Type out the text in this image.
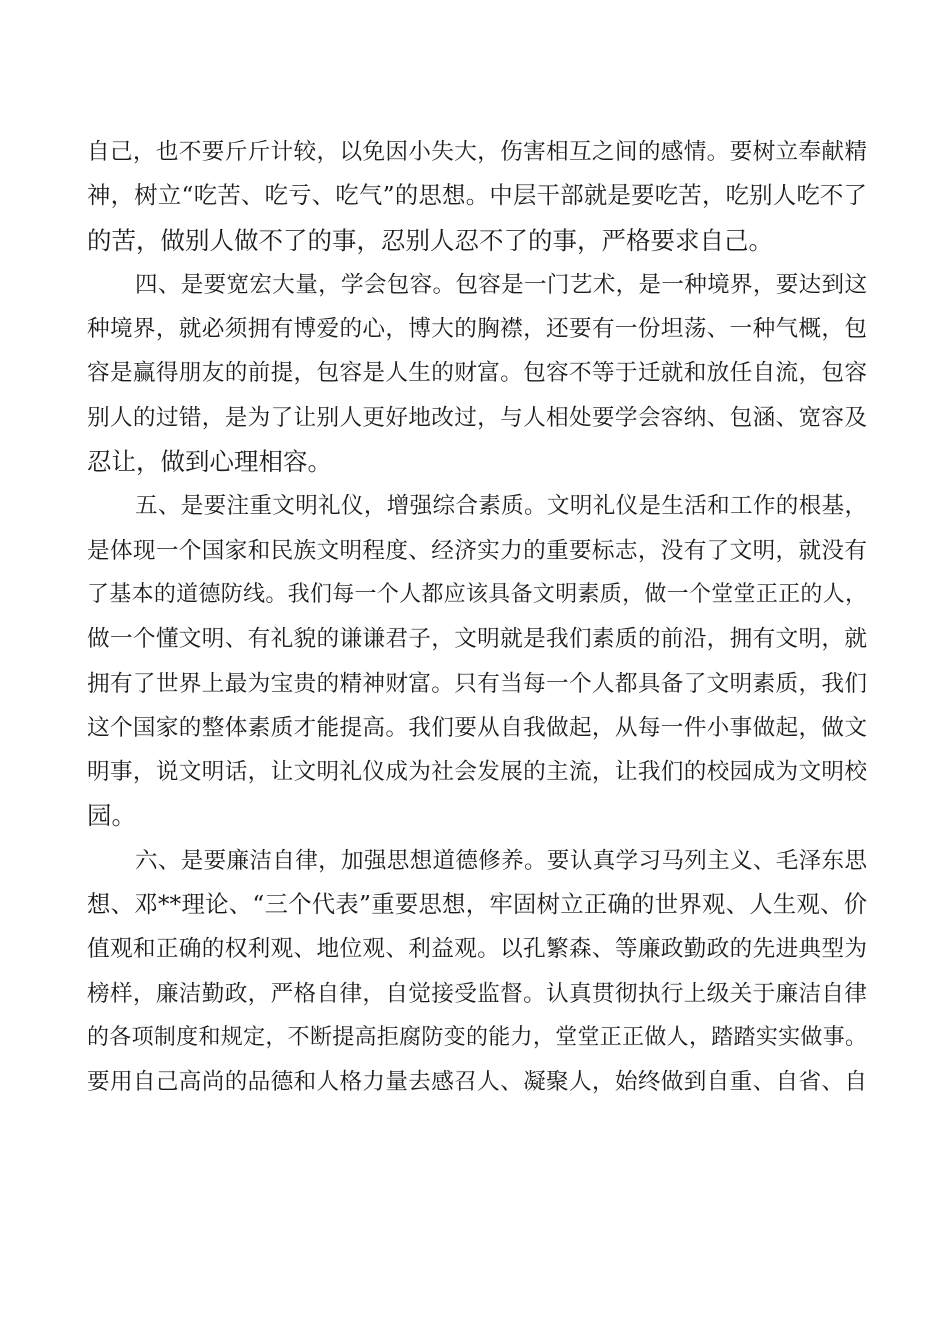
自己，也不要斤斤计较，以免因小失大，伤害相互之间的感情。要树立奉献精
神，树立“吃苦、吃亏、吃气”的思想。中层干部就是要吃苦，吃别人吃不了
的苦，做别人做不了的事，忍别人忍不了的事，严格要求自己。
四、是要宽宏大量，学会包容。包容是一门艺术，是一种境界，要达到这
种境界，就必须拥有博爱的心，博大的胸襟，还要有一份坦荡、一种气概，包
容是赢得朋友的前提，包容是人生的财富。包容不等于迁就和放任自流，包容
别人的过错，是为了让别人更好地改过，与人相处要学会容纳、包涵、宽容及
忍让，做到心理相容。
五、是要注重文明礼仪，增强综合素质。文明礼仪是生活和工作的根基，
是体现一个国家和民族文明程度、经济实力的重要标志，没有了文明，就没有
了基本的道德防线。我们每一个人都应该具备文明素质，做一个堂堂正正的人，
做一个懂文明、有礼貌的谦谦君子，文明就是我们素质的前沿，拥有文明，就
拥有了世界上最为宝贵的精神财富。只有当每一个人都具备了文明素质，我们
这个国家的整体素质才能提高。我们要从自我做起，从每一件小事做起，做文
明事，说文明话，让文明礼仪成为社会发展的主流，让我们的校园成为文明校
园。
六、是要廉洁自律，加强思想道德修养。要认真学习马列主义、毛泽东思
想、邓**理论、“三个代表”重要思想，牢固树立正确的世界观、人生观、价
值观和正确的权利观、地位观、利益观。以孔繁森、等廉政勤政的先进典型为
榜样，廉洁勤政，严格自律，自觉接受监督。认真贯彻执行上级关于廉洁自律
的各项制度和规定，不断提高拒腐防变的能力，堂堂正正做人，踏踏实实做事。
要用自己高尚的品德和人格力量去感召人、凝聚人，始终做到自重、自省、自
